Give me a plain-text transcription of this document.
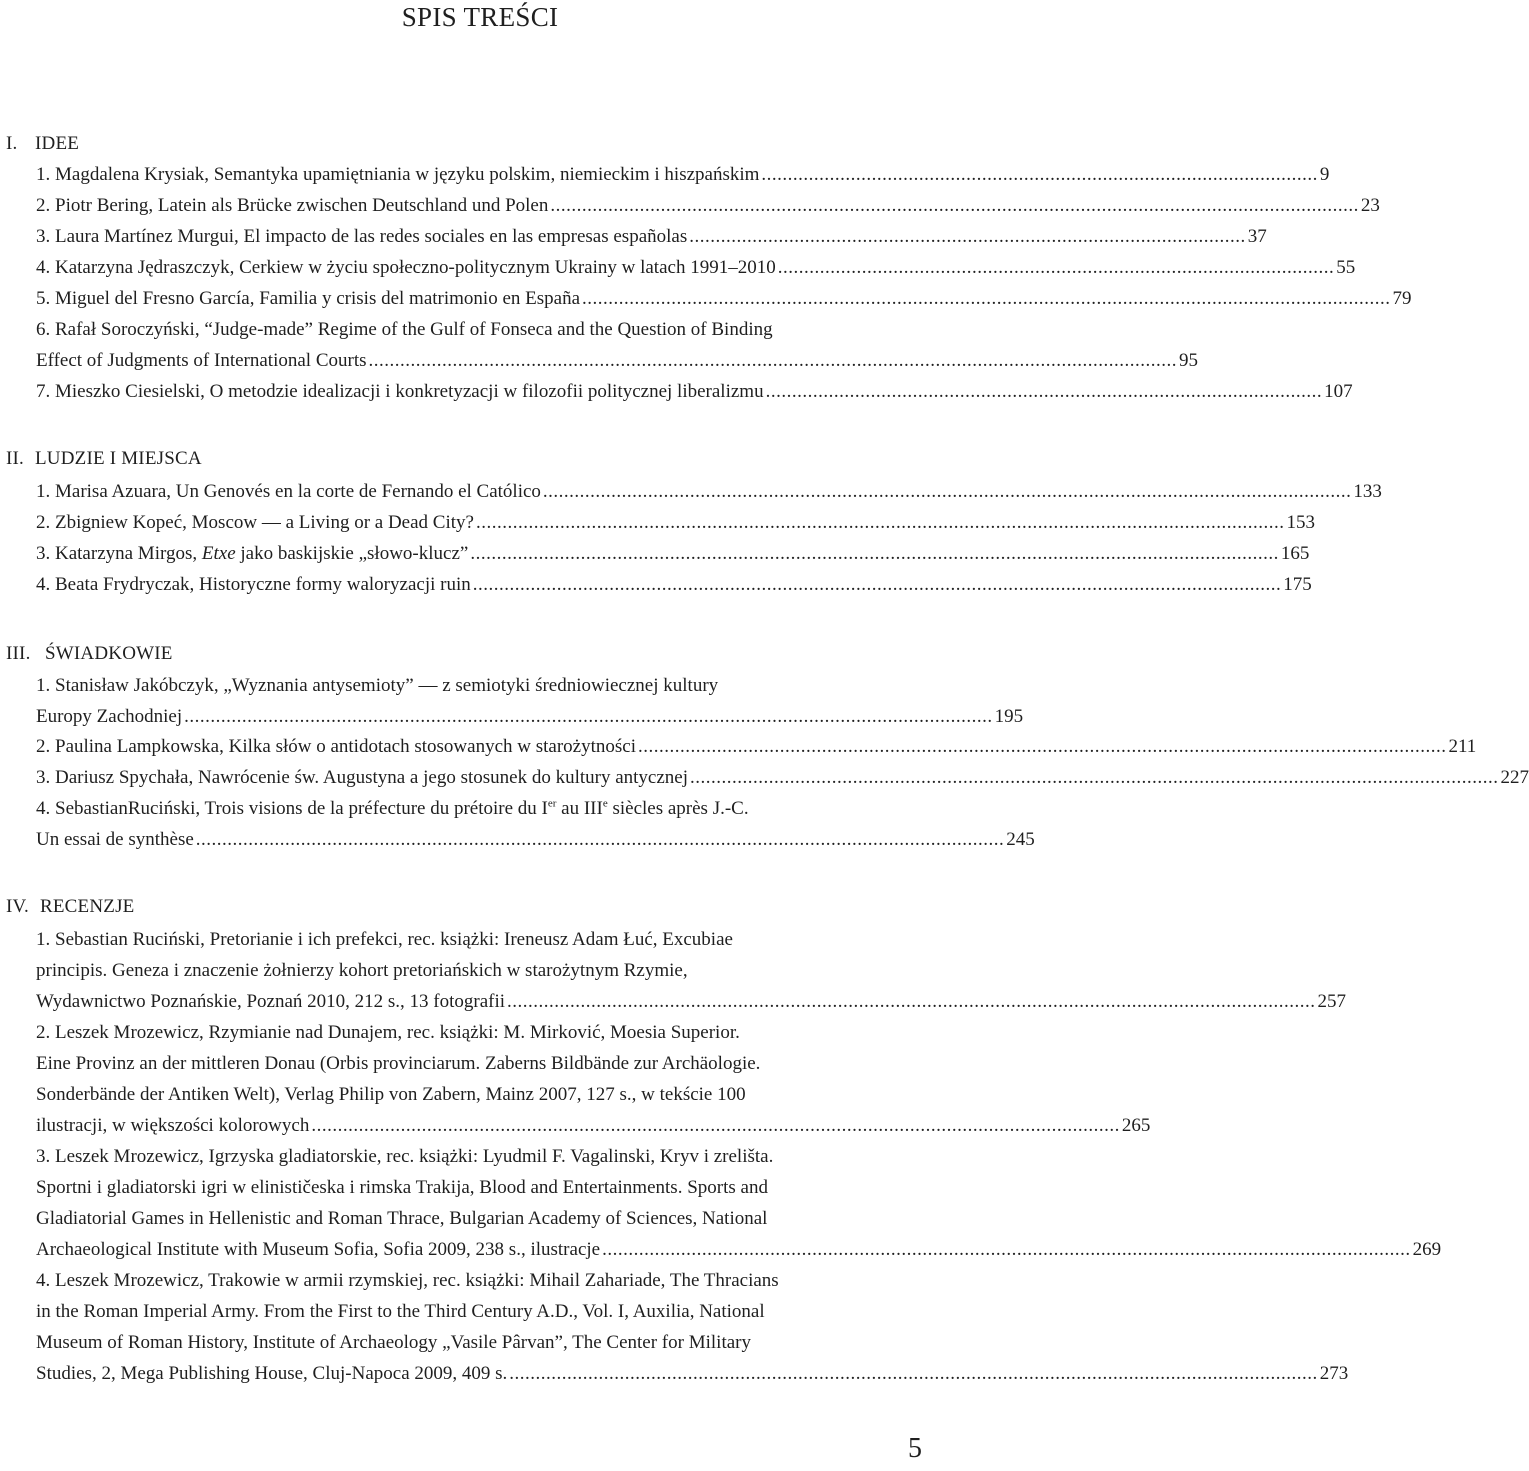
SPIS TREŚCI
I. IDEE
1. Magdalena Krysiak, Semantyka upamiętniania w języku polskim, niemieckim i hiszpańskim .......................................................................................................... 9
2. Piotr Bering, Latein als Brücke zwischen Deutschland und Polen .......................................................................................................................................................... 23
3. Laura Martínez Murgui, El impacto de las redes sociales en las empresas españolas .......................................................................................................... 37
4. Katarzyna Jędraszczyk, Cerkiew w życiu społeczno-politycznym Ukrainy w latach 1991–2010 .......................................................................................................... 55
5. Miguel del Fresno García, Familia y crisis del matrimonio en España .......................................................................................................................................................... 79
6. Rafał Soroczyński, “Judge-made” Regime of the Gulf of Fonseca and the Question of Binding
Effect of Judgments of International Courts .......................................................................................................................................................... 95
7. Mieszko Ciesielski, O metodzie idealizacji i konkretyzacji w filozofii politycznej liberalizmu .......................................................................................................... 107
II. LUDZIE I MIEJSCA
1. Marisa Azuara, Un Genovés en la corte de Fernando el Católico .......................................................................................................................................................... 133
2. Zbigniew Kopeć, Moscow — a Living or a Dead City? .......................................................................................................................................................... 153
3. Katarzyna Mirgos, Etxe jako baskijskie „słowo-klucz” .......................................................................................................................................................... 165
4. Beata Frydryczak, Historyczne formy waloryzacji ruin .......................................................................................................................................................... 175
III. ŚWIADKOWIE
1. Stanisław Jakóbczyk, „Wyznania antysemioty” — z semiotyki średniowiecznej kultury
Europy Zachodniej .......................................................................................................................................................... 195
2. Paulina Lampkowska, Kilka słów o antidotach stosowanych w starożytności .......................................................................................................................................................... 211
3. Dariusz Spychała, Nawrócenie św. Augustyna a jego stosunek do kultury antycznej .......................................................................................................................................................... 227
4. SebastianRuciński, Trois visions de la préfecture du prétoire du Ier au IIIe siècles après J.-C.
Un essai de synthèse .......................................................................................................................................................... 245
IV. RECENZJE
1. Sebastian Ruciński, Pretorianie i ich prefekci, rec. książki: Ireneusz Adam Łuć, Excubiae
principis. Geneza i znaczenie żołnierzy kohort pretoriańskich w starożytnym Rzymie,
Wydawnictwo Poznańskie, Poznań 2010, 212 s., 13 fotografii .......................................................................................................................................................... 257
2. Leszek Mrozewicz, Rzymianie nad Dunajem, rec. książki: M. Mirković, Moesia Superior.
Eine Provinz an der mittleren Donau (Orbis provinciarum. Zaberns Bildbände zur Archäologie.
Sonderbände der Antiken Welt), Verlag Philip von Zabern, Mainz 2007, 127 s., w tekście 100
ilustracji, w większości kolorowych .......................................................................................................................................................... 265
3. Leszek Mrozewicz, Igrzyska gladiatorskie, rec. książki: Lyudmil F. Vagalinski, Kryv i zrelišta.
Sportni i gladiatorski igri w elinističeska i rimska Trakija, Blood and Entertainments. Sports and
Gladiatorial Games in Hellenistic and Roman Thrace, Bulgarian Academy of Sciences, National
Archaeological Institute with Museum Sofia, Sofia 2009, 238 s., ilustracje .......................................................................................................................................................... 269
4. Leszek Mrozewicz, Trakowie w armii rzymskiej, rec. książki: Mihail Zahariade, The Thracians
in the Roman Imperial Army. From the First to the Third Century A.D., Vol. I, Auxilia, National
Museum of Roman History, Institute of Archaeology „Vasile Pârvan”, The Center for Military
Studies, 2, Mega Publishing House, Cluj-Napoca 2009, 409 s. .......................................................................................................................................................... 273
5
